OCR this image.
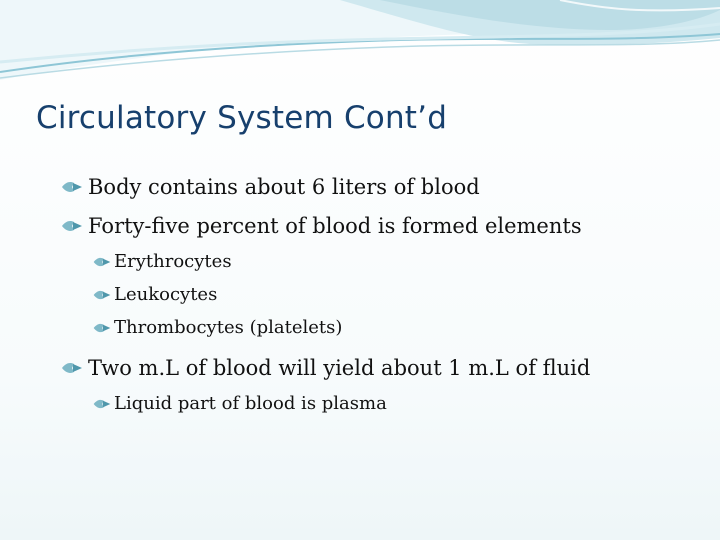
Circulatory System Cont’d
Body contains about 6 liters of blood
Forty-five percent of blood is formed elements
Erythrocytes
Leukocytes
Thrombocytes (platelets)
Two m.L of blood will yield about 1 m.L of fluid
Liquid part of blood is plasma
